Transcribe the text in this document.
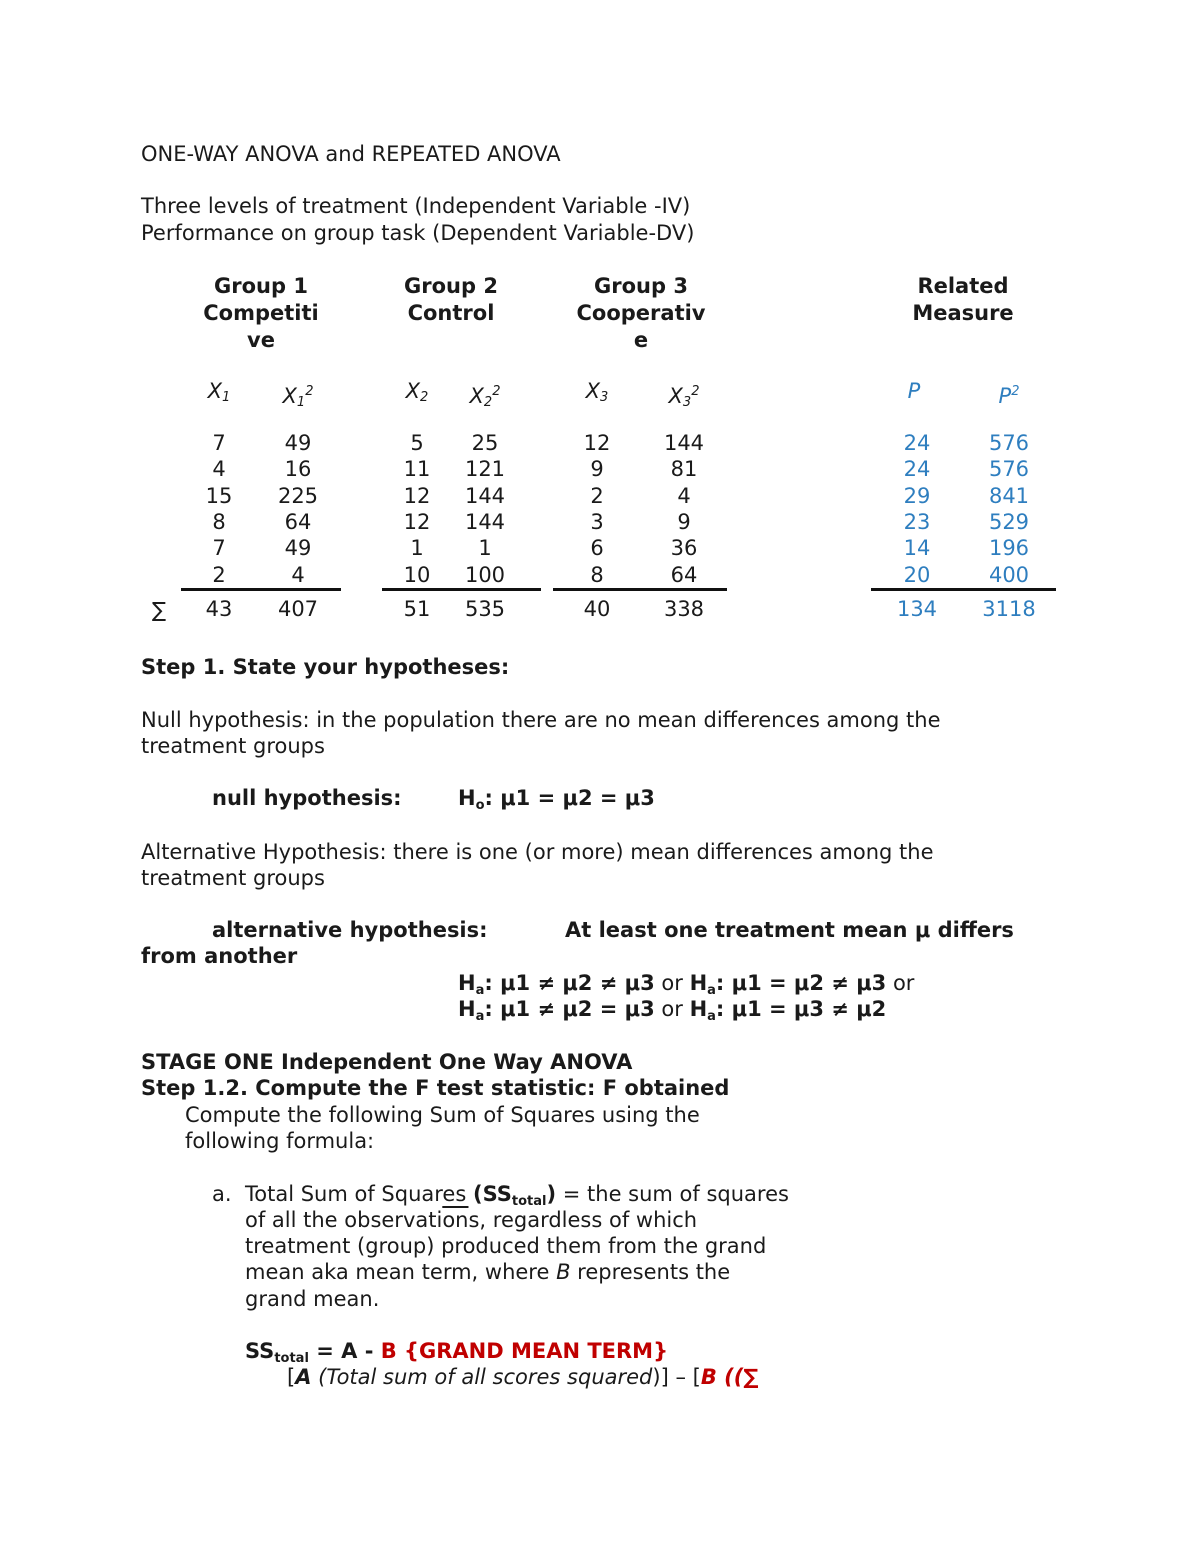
ONE-WAY ANOVA and REPEATED ANOVA
Three levels of treatment (Independent Variable -IV)
Performance on group task (Dependent Variable-DV)
Group 1
Competiti
ve
Group 2
Control
Group 3
Cooperativ
e
Related
Measure
$X_1$	$X_1^2$	$X_2$	$X_2^2$	$X_3$	$X_3^2$	P	$P^2$
7	49	5	25	12	144	24	576
4	16	11	121	9	81	24	576
15	225	12	144	2	4	29	841
8	64	12	144	3	9	23	529
7	49	1	1	6	36	14	196
2	4	10	100	8	64	20	400
∑	43	407	51	535	40	338	134	3118
Step 1. State your hypotheses:
Null hypothesis: in the population there are no mean differences among the
treatment groups
null hypothesis:	Ho: μ1 = μ2 = μ3
Alternative Hypothesis: there is one (or more) mean differences among the
treatment groups
alternative hypothesis:	At least one treatment mean μ differs
from another
Ha: μ1 ≠ μ2 ≠ μ3 or Ha: μ1 = μ2 ≠ μ3 or
Ha: μ1 ≠ μ2 = μ3 or Ha: μ1 = μ3 ≠ μ2
STAGE ONE Independent One Way ANOVA
Step 1.2. Compute the F test statistic: F obtained
Compute the following Sum of Squares using the
following formula:
a. Total Sum of Squares (SStotal) = the sum of squares
of all the $observati\overline{on}s$, regardless of which
treatment (group) produced them from the grand
mean aka mean term, where B represents the
grand mean.
SStotal = A - B {GRAND MEAN TERM}
[A (Total sum of all scores squared)] – [B ((∑
